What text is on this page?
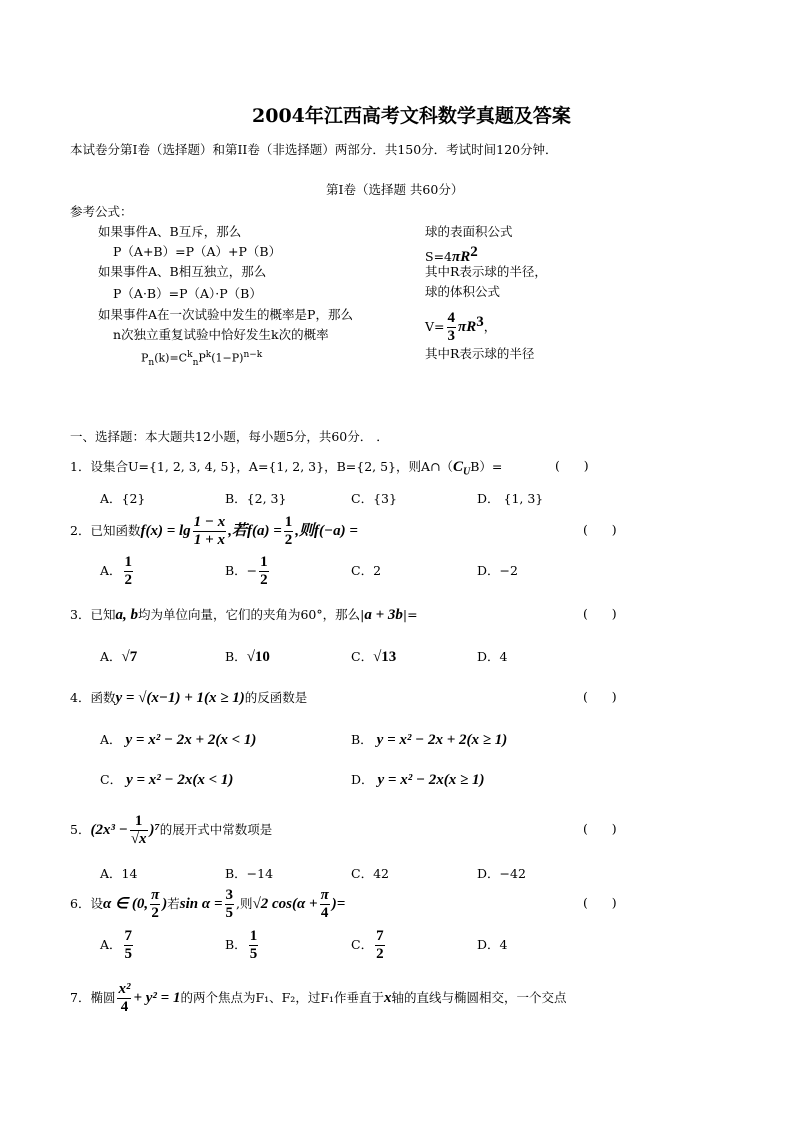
2004年江西高考文科数学真题及答案
本试卷分第I卷（选择题）和第II卷（非选择题）两部分．共150分．考试时间120分钟．
第I卷（选择题 共60分）
参考公式：
如果事件A、B互斥，那么
P（A+B）=P（A）+P（B）
如果事件A、B相互独立，那么
P（A·B）=P（A）·P（B）
如果事件A在一次试验中发生的概率是P，那么
n次独立重复试验中恰好发生k次的概率
$P_n(k)=C^k_nP^k(1-P)^{n-k}$
球的表面积公式
$S=4\pi R^2$
其中R表示球的半径，
球的体积公式
$V= \frac{4}{3} \pi R^3$，
其中R表示球的半径
一、选择题：本大题共12小题，每小题5分，共60分． ．
1．设集合U={1, 2, 3, 4, 5}，A={1, 2, 3}，B={2, 5}，则$A\cap(C_UB)=$	(      )
A．{2}	B．{2, 3}	C．{3}	D． {1, 3}
2．已知函数$f(x) = \lg \frac{1 - x}{1 + x}$ ,若$f(a) = \frac{1}{2}$ ,则f(−a) =	(      )
A． $\frac{1}{2}$	B．− $\frac{1}{2}$	C．2	D．−2
3．已知a, b均为单位向量，它们的夹角为60°，那么|a + 3b|=	(      )
A．√7	B．√10	C．√13	D．4
4．函数y = √(x−1) + 1(x ≥ 1)的反函数是	(      )
A． y = x² − 2x + 2(x < 1)	B． y = x² − 2x + 2(x ≥ 1)
C． y = x² − 2x(x < 1)	D． y = x² − 2x(x ≥ 1)
5．$(2x^3 - \frac{1}{√x} )^7$的展开式中常数项是	(      )
A．14	B．−14	C．42	D．−42
6．设α ∈ (0, $\frac{\pi}{2}$ )若$\sin \alpha = \frac{3}{5}$ ,则√2 $\cos(\alpha + \frac{\pi}{4}$ )=	(      )
A． $\frac{7}{5}$	B． $\frac{1}{5}$	C． $\frac{7}{2}$	D．4
7．椭圆 $\frac{\text{x²}}{4} + y^2 = 1$的两个焦点为F₁、F₂，过F₁作垂直于x轴的直线与椭圆相交，一个交点
